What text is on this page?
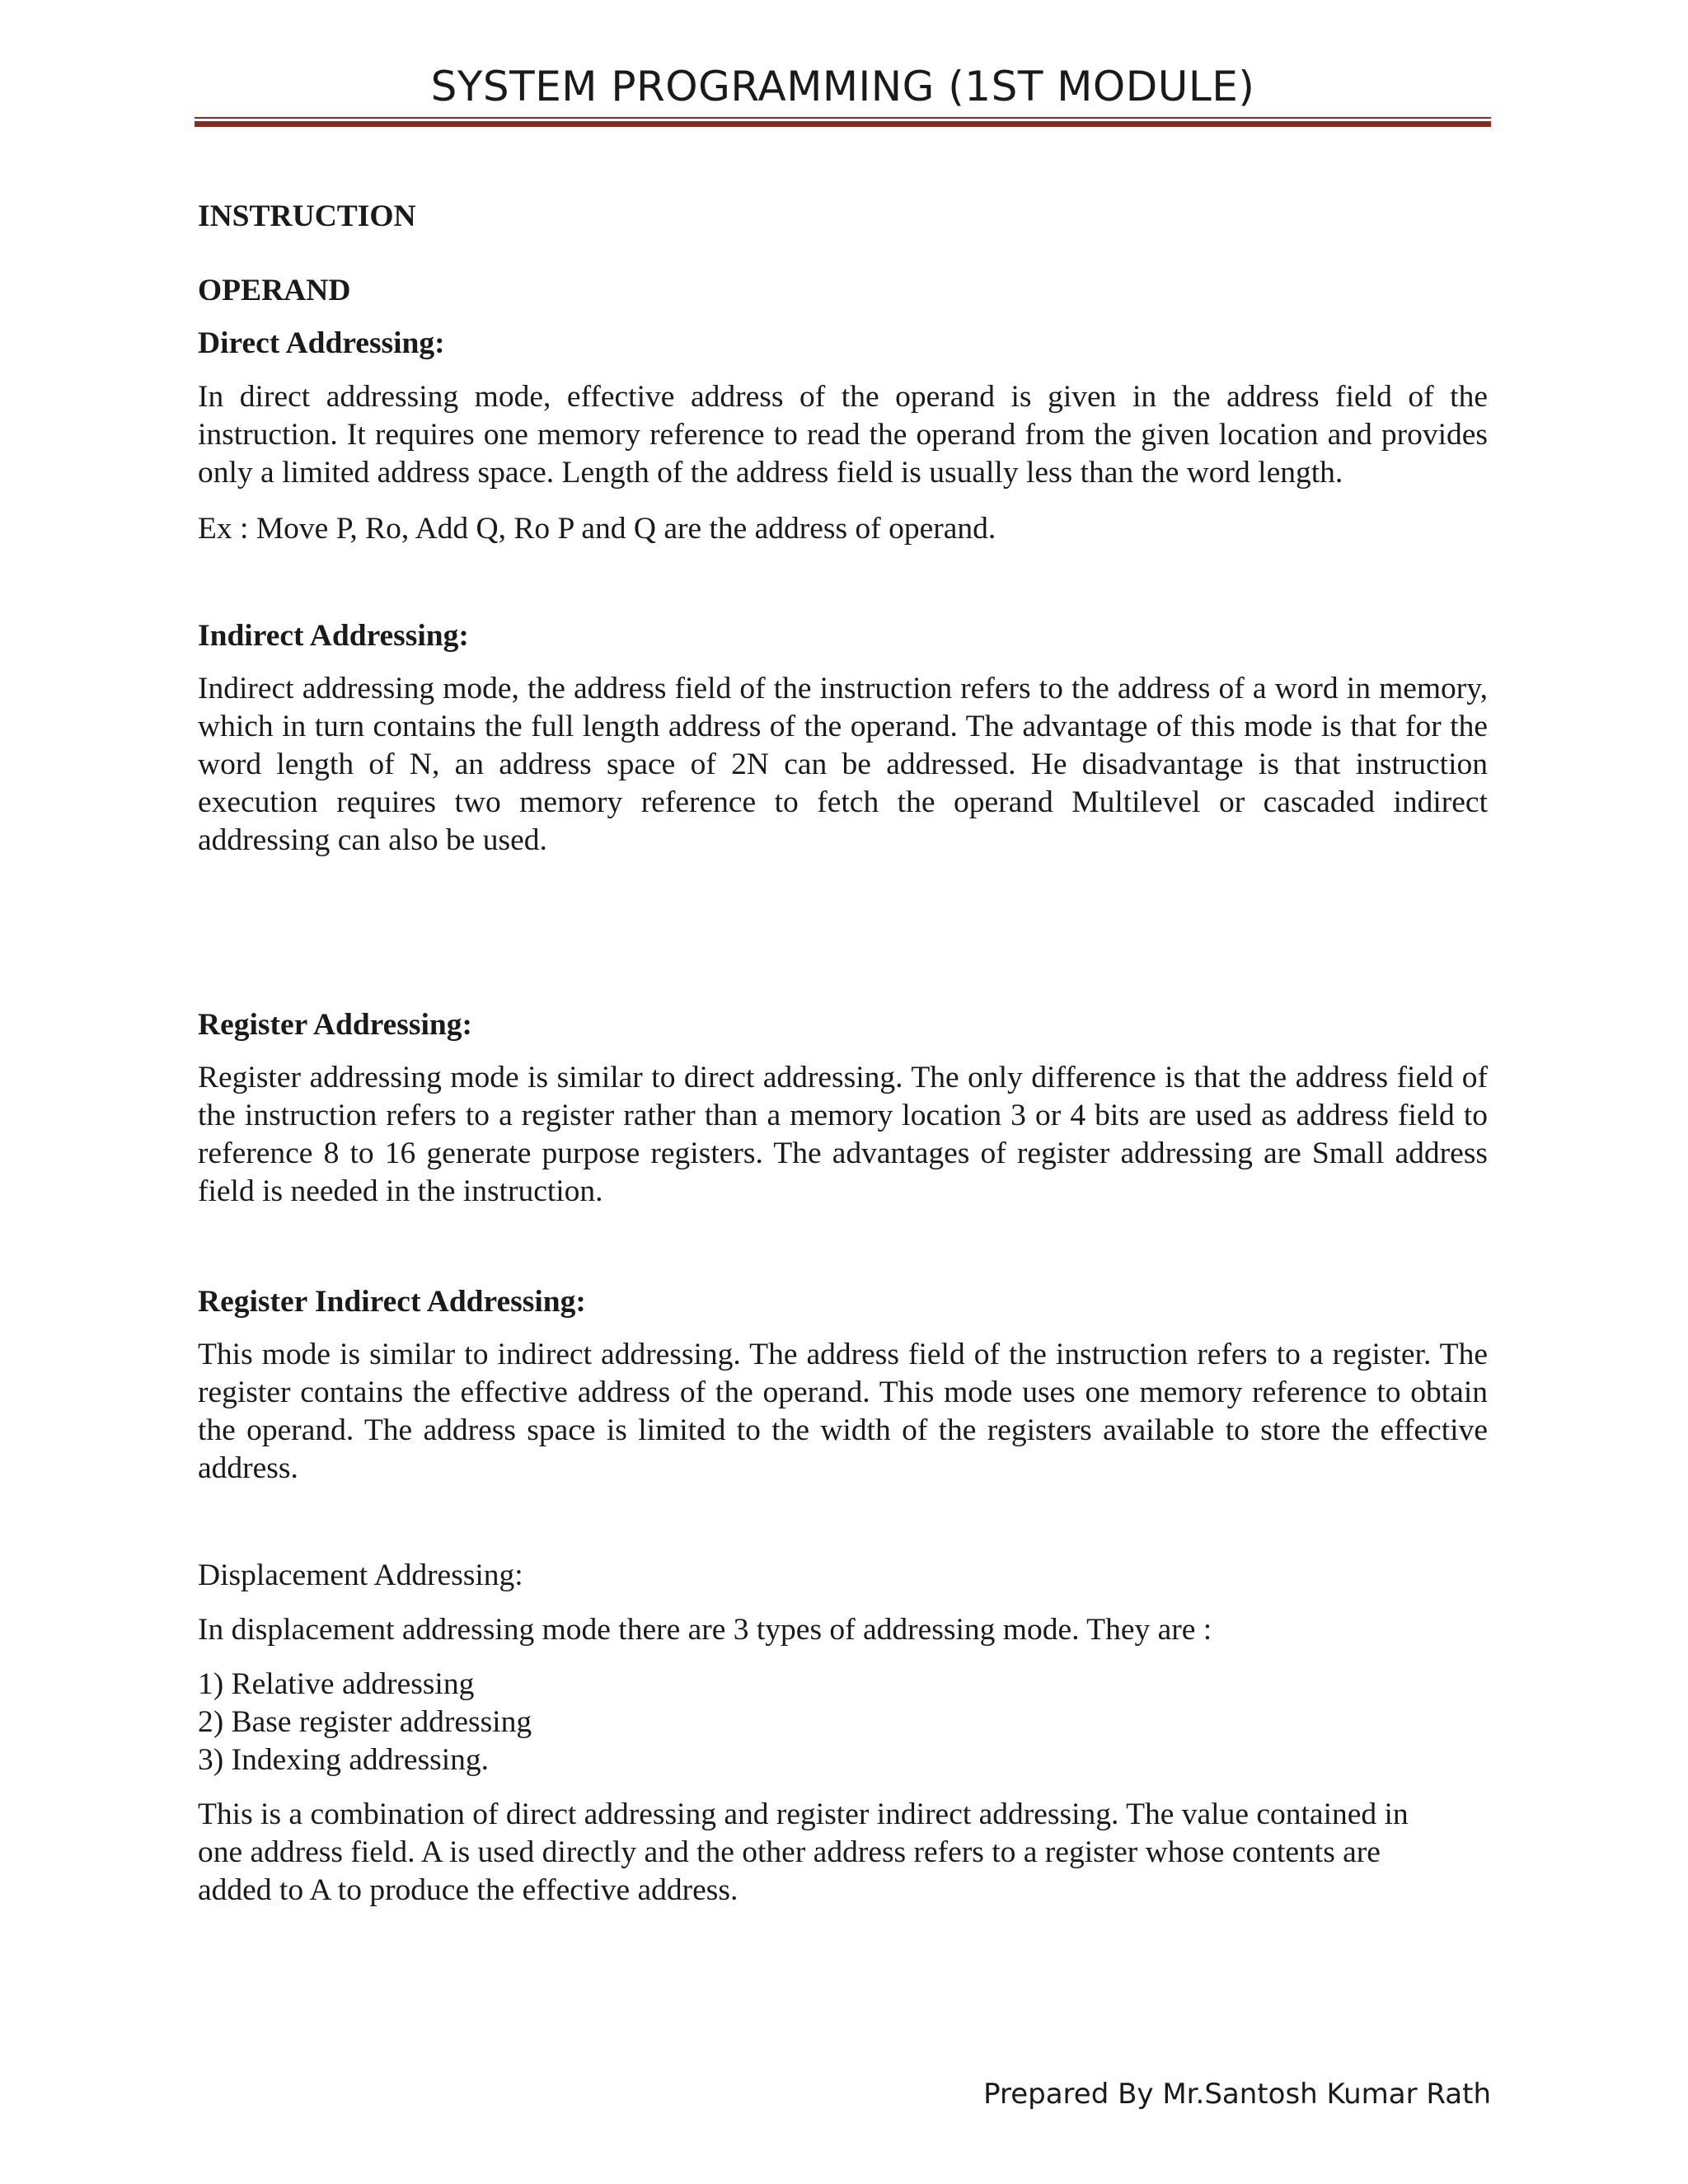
SYSTEM PROGRAMMING (1ST MODULE)

INSTRUCTION

OPERAND

Direct Addressing:

In direct addressing mode, effective address of the operand is given in the address field of the instruction. It requires one memory reference to read the operand from the given location and provides only a limited address space. Length of the address field is usually less than the word length.

Ex : Move P, Ro, Add Q, Ro P and Q are the address of operand.

Indirect Addressing:

Indirect addressing mode, the address field of the instruction refers to the address of a word in memory, which in turn contains the full length address of the operand. The advantage of this mode is that for the word length of N, an address space of 2N can be addressed. He disadvantage is that instruction execution requires two memory reference to fetch the operand Multilevel or cascaded indirect addressing can also be used.

Register Addressing:

Register addressing mode is similar to direct addressing. The only difference is that the address field of the instruction refers to a register rather than a memory location 3 or 4 bits are used as address field to reference 8 to 16 generate purpose registers. The advantages of register addressing are Small address field is needed in the instruction.

Register Indirect Addressing:

This mode is similar to indirect addressing. The address field of the instruction refers to a register. The register contains the effective address of the operand. This mode uses one memory reference to obtain the operand. The address space is limited to the width of the registers available to store the effective address.

Displacement Addressing:

In displacement addressing mode there are 3 types of addressing mode. They are :

1) Relative addressing
2) Base register addressing
3) Indexing addressing.

This is a combination of direct addressing and register indirect addressing. The value contained in one address field. A is used directly and the other address refers to a register whose contents are added to A to produce the effective address.

Prepared By Mr.Santosh Kumar Rath
